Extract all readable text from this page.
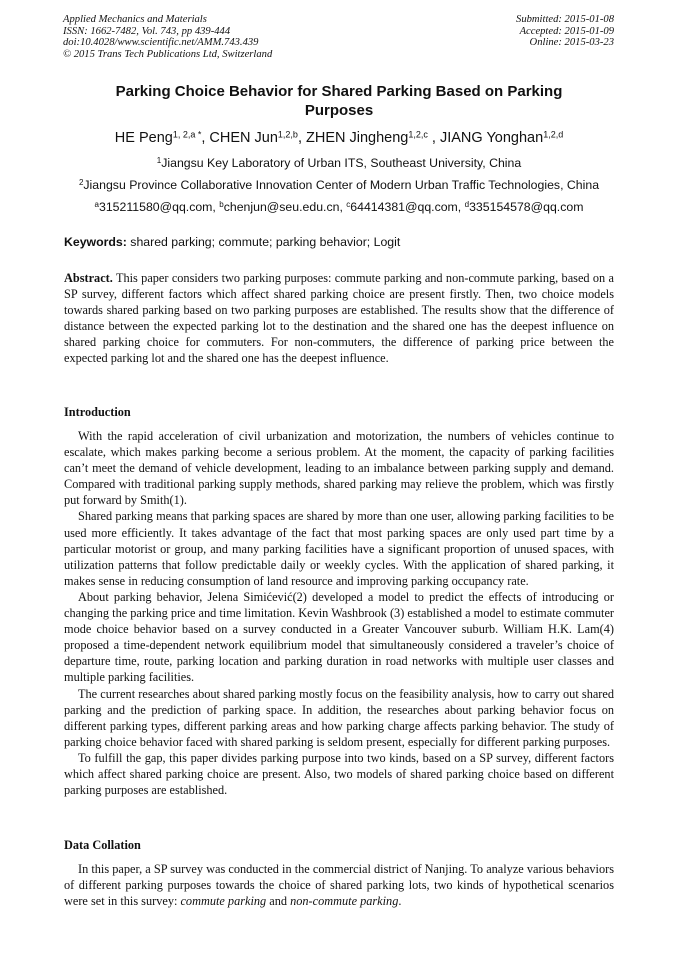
Applied Mechanics and Materials
ISSN: 1662-7482, Vol. 743, pp 439-444
doi:10.4028/www.scientific.net/AMM.743.439
© 2015 Trans Tech Publications Ltd, Switzerland
Submitted: 2015-01-08
Accepted: 2015-01-09
Online: 2015-03-23
Parking Choice Behavior for Shared Parking Based on Parking
Purposes
HE Peng$^{1, 2,a *}$, CHEN Jun$^{1,2,b}$, ZHEN Jingheng$^{1,2,c}$ , JIANG Yonghan$^{1,2,d}$
$^1$Jiangsu Key Laboratory of Urban ITS, Southeast University, China
$^2$Jiangsu Province Collaborative Innovation Center of Modern Urban Traffic Technologies, China
$^a$315211580@qq.com, $^b$chenjun@seu.edu.cn, $^c$64414381@qq.com, $^d$335154578@qq.com
Keywords: shared parking; commute; parking behavior; Logit

Abstract. This paper considers two parking purposes: commute parking and non-commute parking, based on a SP survey, different factors which affect shared parking choice are present firstly. Then, two choice models towards shared parking based on two parking purposes are established. The results show that the difference of distance between the expected parking lot to the destination and the shared one has the deepest influence on shared parking choice for commuters. For non-commuters, the difference of parking price between the expected parking lot and the shared one has the deepest influence.

Introduction

With the rapid acceleration of civil urbanization and motorization, the numbers of vehicles continue to escalate, which makes parking become a serious problem. At the moment, the capacity of parking facilities can’t meet the demand of vehicle development, leading to an imbalance between parking supply and demand. Compared with traditional parking supply methods, shared parking may relieve the problem, which was firstly put forward by Smith(1).

Shared parking means that parking spaces are shared by more than one user, allowing parking facilities to be used more efficiently. It takes advantage of the fact that most parking spaces are only used part time by a particular motorist or group, and many parking facilities have a significant proportion of unused spaces, with utilization patterns that follow predictable daily or weekly cycles. With the application of shared parking, it makes sense in reducing consumption of land resource and improving parking occupancy rate.

About parking behavior, Jelena Simićević(2) developed a model to predict the effects of introducing or changing the parking price and time limitation. Kevin Washbrook (3) established a model to estimate commuter mode choice behavior based on a survey conducted in a Greater Vancouver suburb. William H.K. Lam(4) proposed a time-dependent network equilibrium model that simultaneously considered a traveler’s choice of departure time, route, parking location and parking duration in road networks with multiple user classes and multiple parking facilities.

The current researches about shared parking mostly focus on the feasibility analysis, how to carry out shared parking and the prediction of parking space. In addition, the researches about parking behavior focus on different parking types, different parking areas and how parking charge affects parking behavior. The study of parking choice behavior faced with shared parking is seldom present, especially for different parking purposes.

To fulfill the gap, this paper divides parking purpose into two kinds, based on a SP survey, different factors which affect shared parking choice are present. Also, two models of shared parking choice based on different parking purposes are established.

Data Collation

In this paper, a SP survey was conducted in the commercial district of Nanjing. To analyze various behaviors of different parking purposes towards the choice of shared parking lots, two kinds of hypothetical scenarios were set in this survey: commute parking and non-commute parking.
